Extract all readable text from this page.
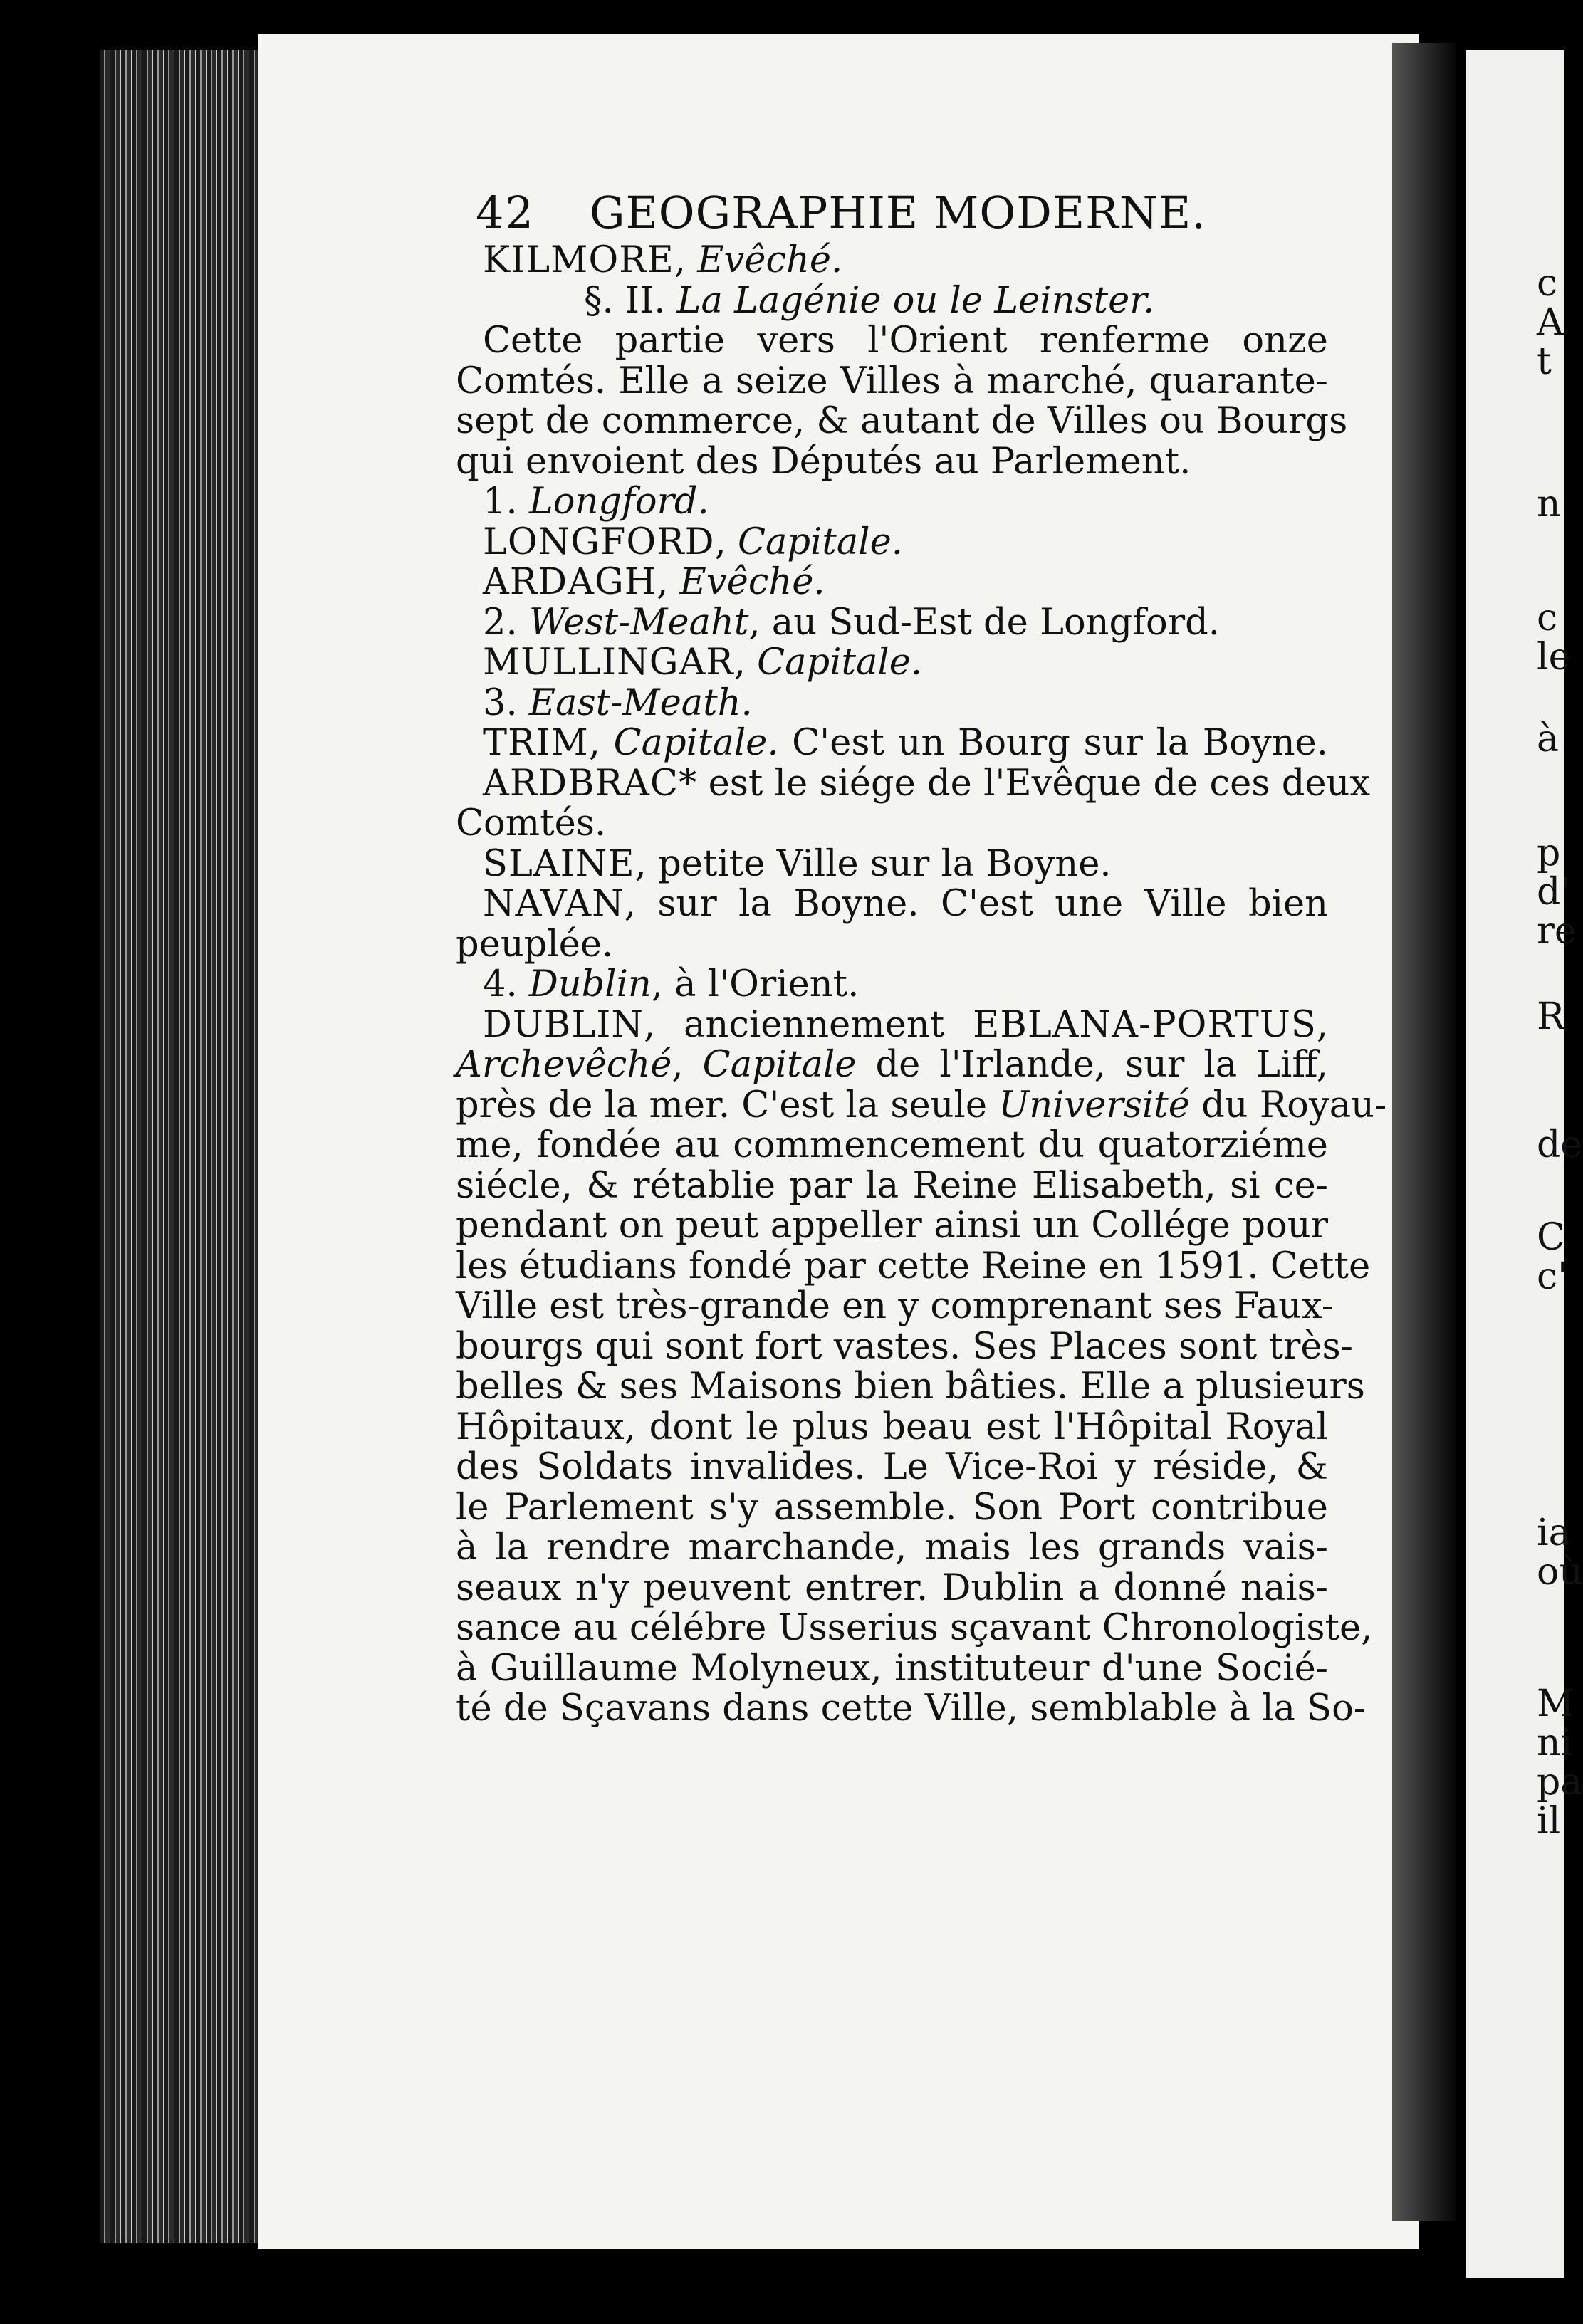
c
A
t
n
c
le
à
p
d'
re
R
de
C
c'
ia
où
M
ni
pa
il
42 GEOGRAPHIE MODERNE.
KILMORE, Evêché.
§. II. La Lagénie ou le Leinster.
Cette partie vers l'Orient renferme onze
Comtés. Elle a seize Villes à marché, quarante-
sept de commerce, & autant de Villes ou Bourgs
qui envoient des Députés au Parlement.
1. Longford.
LONGFORD, Capitale.
ARDAGH, Evêché.
2. West-Meaht, au Sud-Est de Longford.
MULLINGAR, Capitale.
3. East-Meath.
TRIM, Capitale. C'est un Bourg sur la Boyne.
ARDBRAC* est le siége de l'Evêque de ces deux
Comtés.
SLAINE, petite Ville sur la Boyne.
NAVAN, sur la Boyne. C'est une Ville bien
peuplée.
4. Dublin, à l'Orient.
DUBLIN, anciennement EBLANA-PORTUS,
Archevêché, Capitale de l'Irlande, sur la Liff,
près de la mer. C'est la seule Université du Royau-
me, fondée au commencement du quatorziéme
siécle, & rétablie par la Reine Elisabeth, si ce-
pendant on peut appeller ainsi un Collége pour
les étudians fondé par cette Reine en 1591. Cette
Ville est très-grande en y comprenant ses Faux-
bourgs qui sont fort vastes. Ses Places sont très-
belles & ses Maisons bien bâties. Elle a plusieurs
Hôpitaux, dont le plus beau est l'Hôpital Royal
des Soldats invalides. Le Vice-Roi y réside, &
le Parlement s'y assemble. Son Port contribue
à la rendre marchande, mais les grands vais-
seaux n'y peuvent entrer. Dublin a donné nais-
sance au célébre Usserius sçavant Chronologiste,
à Guillaume Molyneux, instituteur d'une Socié-
té de Sçavans dans cette Ville, semblable à la So-
